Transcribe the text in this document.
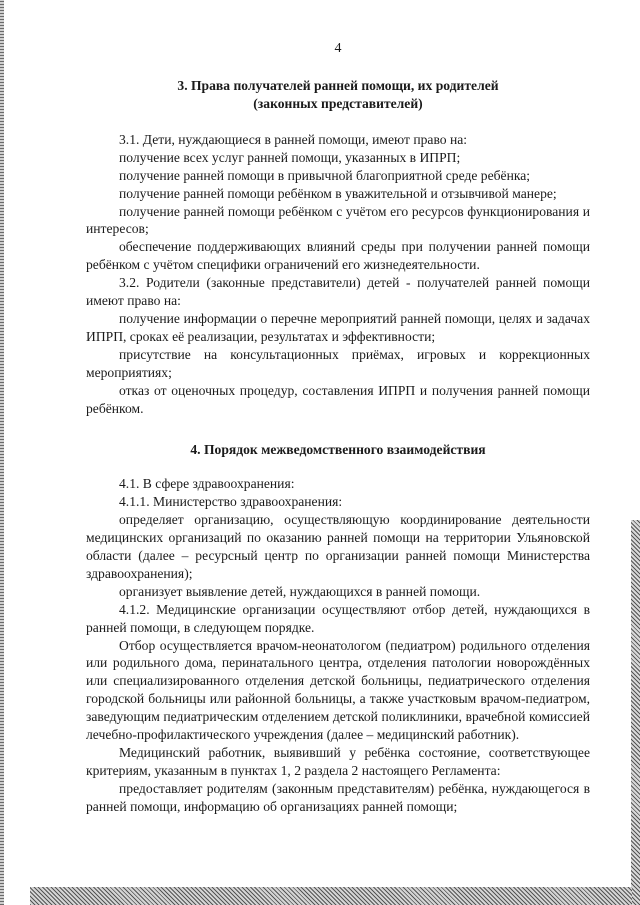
4
3. Права получателей ранней помощи, их родителей
(законных представителей)

3.1. Дети, нуждающиеся в ранней помощи, имеют право на:

получение всех услуг ранней помощи, указанных в ИПРП;

получение ранней помощи в привычной благоприятной среде ребёнка;

получение ранней помощи ребёнком в уважительной и отзывчивой манере;

получение ранней помощи ребёнком с учётом его ресурсов функционирования и интересов;

обеспечение поддерживающих влияний среды при получении ранней помощи ребёнком с учётом специфики ограничений его жизнедеятельности.

3.2. Родители (законные представители) детей - получателей ранней помощи имеют право на:

получение информации о перечне мероприятий ранней помощи, целях и задачах ИПРП, сроках её реализации, результатах и эффективности;

присутствие на консультационных приёмах, игровых и коррекционных мероприятиях;

отказ от оценочных процедур, составления ИПРП и получения ранней помощи ребёнком.

4. Порядок межведомственного взаимодействия

4.1. В сфере здравоохранения:

4.1.1. Министерство здравоохранения:

определяет организацию, осуществляющую координирование деятельности медицинских организаций по оказанию ранней помощи на территории Ульяновской области (далее – ресурсный центр по организации ранней помощи Министерства здравоохранения);

организует выявление детей, нуждающихся в ранней помощи.

4.1.2. Медицинские организации осуществляют отбор детей, нуждающихся в ранней помощи, в следующем порядке.

Отбор осуществляется врачом-неонатологом (педиатром) родильного отделения или родильного дома, перинатального центра, отделения патологии новорождённых или специализированного отделения детской больницы, педиатрического отделения городской больницы или районной больницы, а также участковым врачом-педиатром, заведующим педиатрическим отделением детской поликлиники, врачебной комиссией лечебно-профилактического учреждения (далее – медицинский работник).

Медицинский работник, выявивший у ребёнка состояние, соответствующее критериям, указанным в пунктах 1, 2 раздела 2 настоящего Регламента:

предоставляет родителям (законным представителям) ребёнка, нуждающегося в ранней помощи, информацию об организациях ранней помощи;
